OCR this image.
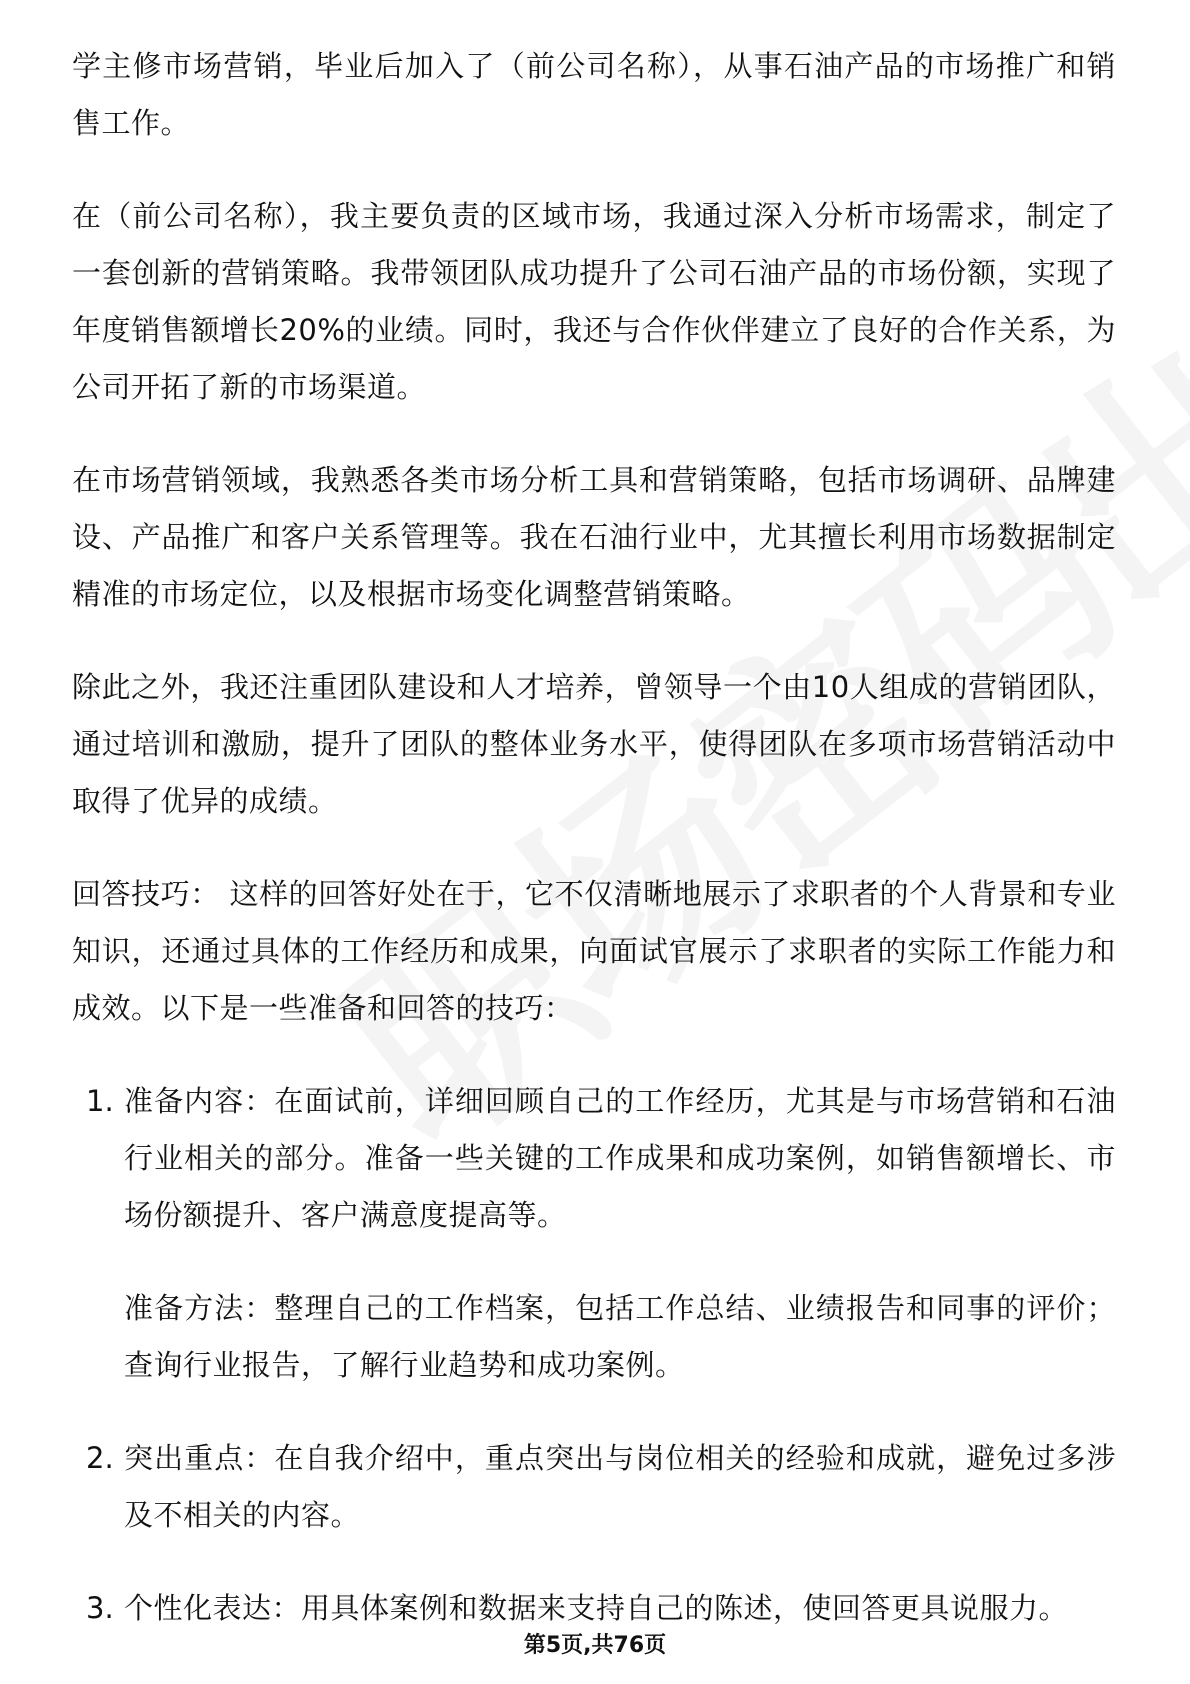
学主修市场营销，毕业后加入了（前公司名称），从事石油产品的市场推广和销售工作。

在（前公司名称），我主要负责的区域市场，我通过深入分析市场需求，制定了一套创新的营销策略。我带领团队成功提升了公司石油产品的市场份额，实现了年度销售额增长20%的业绩。同时，我还与合作伙伴建立了良好的合作关系，为公司开拓了新的市场渠道。

在市场营销领域，我熟悉各类市场分析工具和营销策略，包括市场调研、品牌建设、产品推广和客户关系管理等。我在石油行业中，尤其擅长利用市场数据制定精准的市场定位，以及根据市场变化调整营销策略。

除此之外，我还注重团队建设和人才培养，曾领导一个由10人组成的营销团队，通过培训和激励，提升了团队的整体业务水平，使得团队在多项市场营销活动中取得了优异的成绩。

回答技巧： 这样的回答好处在于，它不仅清晰地展示了求职者的个人背景和专业知识，还通过具体的工作经历和成果，向面试官展示了求职者的实际工作能力和成效。以下是一些准备和回答的技巧：

1. 准备内容：在面试前，详细回顾自己的工作经历，尤其是与市场营销和石油行业相关的部分。准备一些关键的工作成果和成功案例，如销售额增长、市场份额提升、客户满意度提高等。

准备方法：整理自己的工作档案，包括工作总结、业绩报告和同事的评价；查询行业报告，了解行业趋势和成功案例。

2. 突出重点：在自我介绍中，重点突出与岗位相关的经验和成就，避免过多涉及不相关的内容。

3. 个性化表达：用具体案例和数据来支持自己的陈述，使回答更具说服力。

第5页,共76页
